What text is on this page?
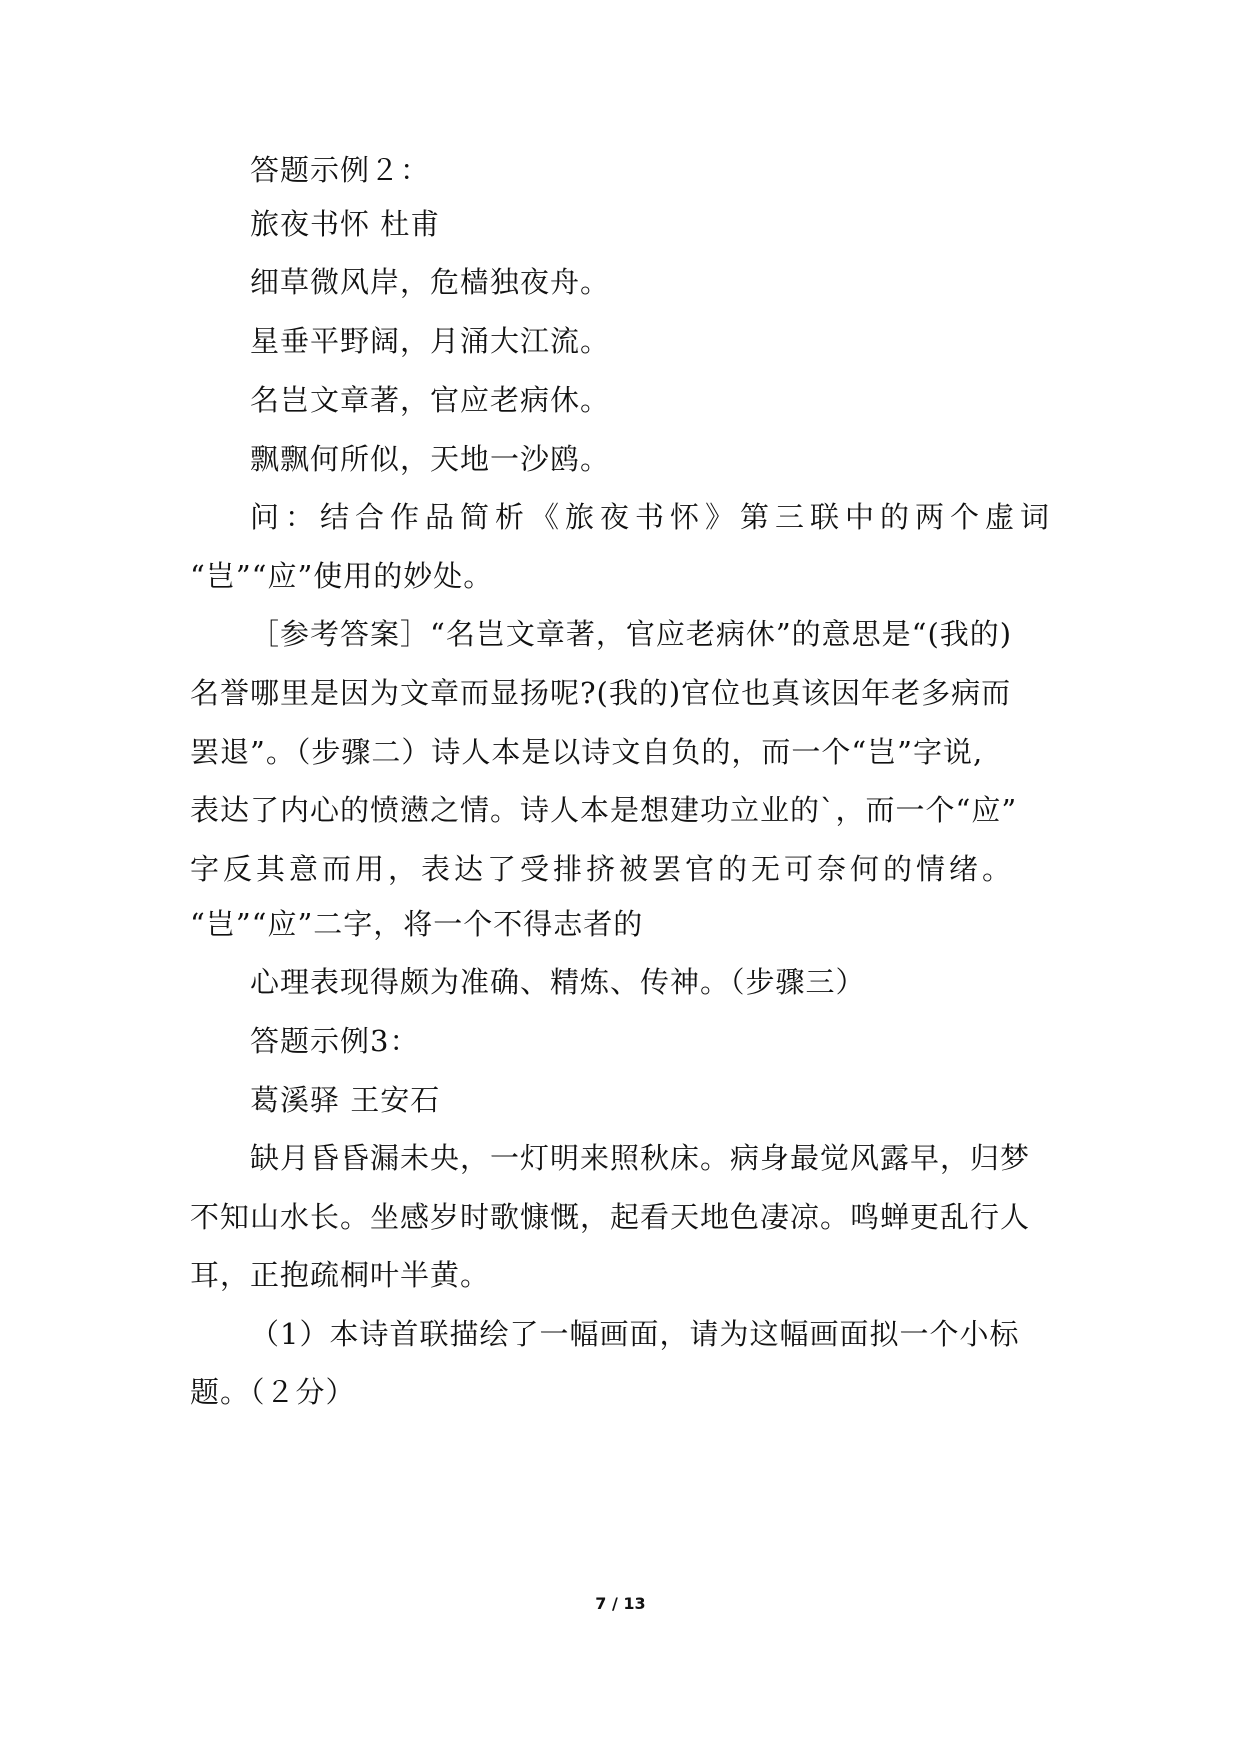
答题示例２：
旅夜书怀 杜甫
细草微风岸，危樯独夜舟。
星垂平野阔，月涌大江流。
名岂文章著，官应老病休。
飘飘何所似，天地一沙鸥。
问：结合作品简析《旅夜书怀》第三联中的两个虚词
“岂”“应”使用的妙处。
［参考答案］“名岂文章著，官应老病休”的意思是“(我的)
名誉哪里是因为文章而显扬呢?(我的)官位也真该因年老多病而
罢退”。（步骤二）诗人本是以诗文自负的，而一个“岂”字说,
表达了内心的愤懑之情。诗人本是想建功立业的`，而一个“应”
字反其意而用，表达了受排挤被罢官的无可奈何的情绪。
“岂”“应”二字，将一个不得志者的
心理表现得颇为准确、精炼、传神。（步骤三）
答题示例3：
葛溪驿 王安石
缺月昏昏漏未央，一灯明来照秋床。病身最觉风露早，归梦
不知山水长。坐感岁时歌慷慨，起看天地色凄凉。鸣蝉更乱行人
耳，正抱疏桐叶半黄。
（1）本诗首联描绘了一幅画面，请为这幅画面拟一个小标
题。（２分）
7 / 13
